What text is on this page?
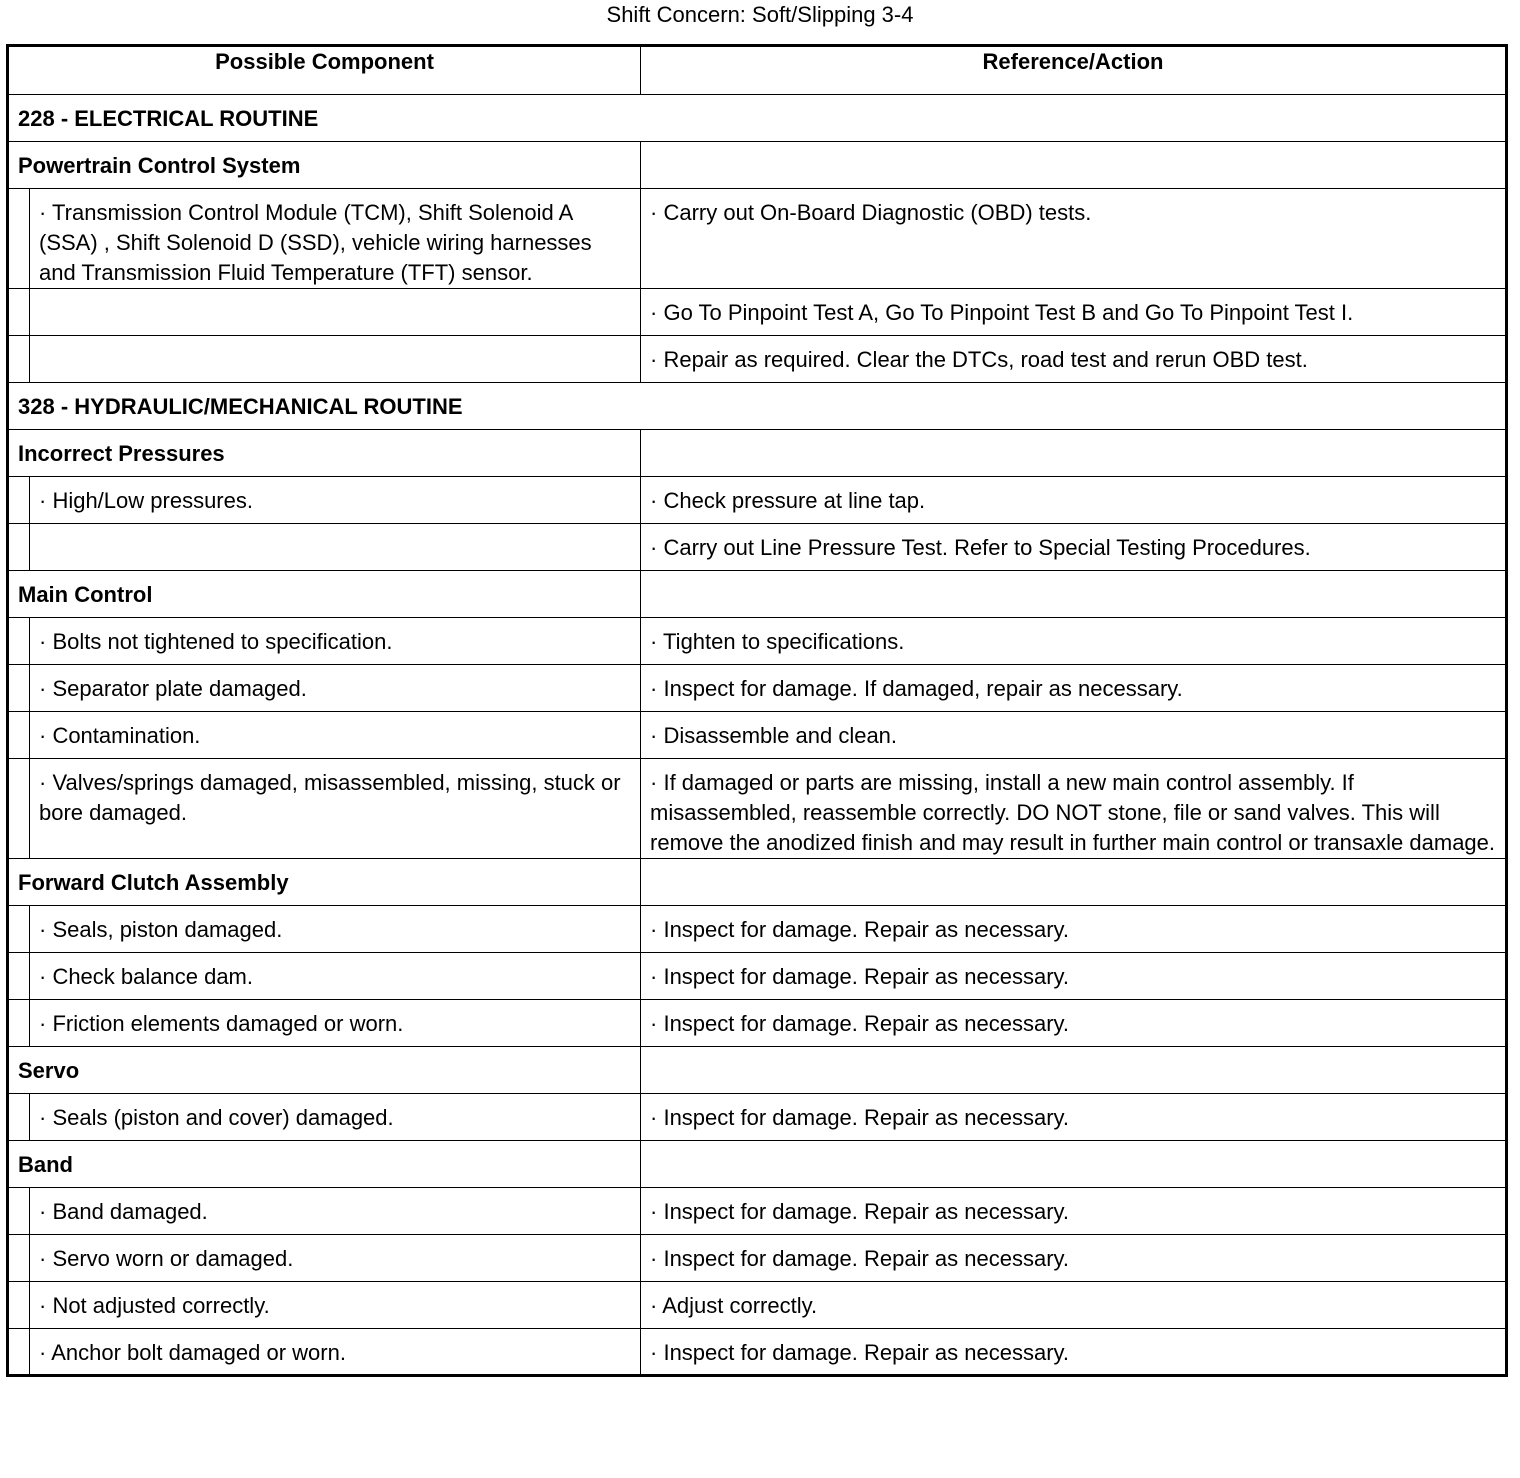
Shift Concern: Soft/Slipping 3-4
Possible Component		Reference/Action
228 - ELECTRICAL ROUTINE		
Powertrain Control System		
	· Transmission Control Module (TCM), Shift Solenoid A (SSA) , Shift Solenoid D (SSD), vehicle wiring harnesses and Transmission Fluid Temperature (TFT) sensor.	· Carry out On-Board Diagnostic (OBD) tests.
		· Go To Pinpoint Test A, Go To Pinpoint Test B and Go To Pinpoint Test I.
		· Repair as required. Clear the DTCs, road test and rerun OBD test.
328 - HYDRAULIC/MECHANICAL ROUTINE		
Incorrect Pressures		
	· High/Low pressures.	· Check pressure at line tap.
		· Carry out Line Pressure Test. Refer to Special Testing Procedures.
Main Control		
	· Bolts not tightened to specification.	· Tighten to specifications.
	· Separator plate damaged.	· Inspect for damage. If damaged, repair as necessary.
	· Contamination.	· Disassemble and clean.
	· Valves/springs damaged, misassembled, missing, stuck or bore damaged.	· If damaged or parts are missing, install a new main control assembly. If misassembled, reassemble correctly. DO NOT stone, file or sand valves. This will remove the anodized finish and may result in further main control or transaxle damage.
Forward Clutch Assembly		
	· Seals, piston damaged.	· Inspect for damage. Repair as necessary.
	· Check balance dam.	· Inspect for damage. Repair as necessary.
	· Friction elements damaged or worn.	· Inspect for damage. Repair as necessary.
Servo		
	· Seals (piston and cover) damaged.	· Inspect for damage. Repair as necessary.
Band		
	· Band damaged.	· Inspect for damage. Repair as necessary.
	· Servo worn or damaged.	· Inspect for damage. Repair as necessary.
	· Not adjusted correctly.	· Adjust correctly.
	· Anchor bolt damaged or worn.	· Inspect for damage. Repair as necessary.
